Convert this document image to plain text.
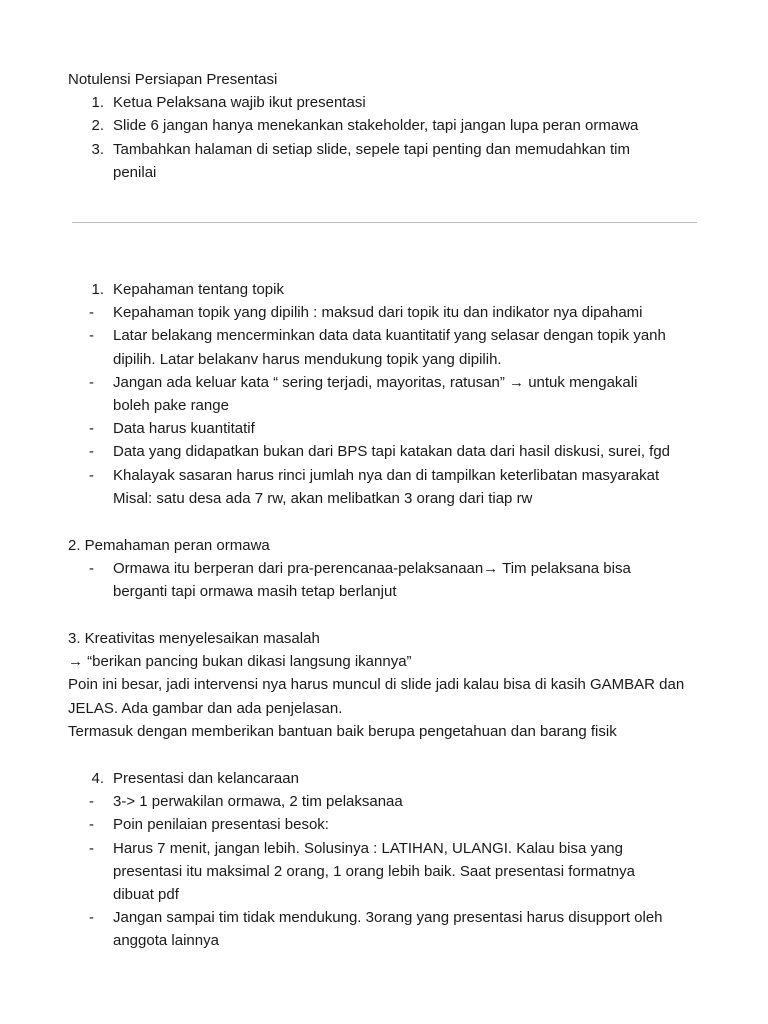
Notulensi Persiapan Presentasi
1. Ketua Pelaksana wajib ikut presentasi
2. Slide 6 jangan hanya menekankan stakeholder, tapi jangan lupa peran ormawa
3. Tambahkan halaman di setiap slide, sepele tapi penting dan memudahkan tim penilai
1. Kepahaman tentang topik
-	Kepahaman topik yang dipilih : maksud dari topik itu dan indikator nya dipahami
-	Latar belakang mencerminkan data data kuantitatif yang selasar dengan topik yanh dipilih. Latar belakanv harus mendukung topik yang dipilih.
-	Jangan ada keluar kata “ sering terjadi, mayoritas, ratusan” → untuk mengakali boleh pake range
-	Data harus kuantitatif
-	Data yang didapatkan bukan dari BPS tapi katakan data dari hasil diskusi, surei, fgd
-	Khalayak sasaran harus rinci jumlah nya dan di tampilkan keterlibatan masyarakat Misal: satu desa ada 7 rw, akan melibatkan 3 orang dari tiap rw
2. Pemahaman peran ormawa
-	Ormawa itu berperan dari pra-perencanaa-pelaksanaan→ Tim pelaksana bisa berganti tapi ormawa masih tetap berlanjut
3. Kreativitas menyelesaikan masalah
→ “berikan pancing bukan dikasi langsung ikannya”
Poin ini besar, jadi intervensi nya harus muncul di slide jadi kalau bisa di kasih GAMBAR dan JELAS. Ada gambar dan ada penjelasan.
Termasuk dengan memberikan bantuan baik berupa pengetahuan dan barang fisik
4. Presentasi dan kelancaraan
-	3-> 1 perwakilan ormawa, 2 tim pelaksanaa
-	Poin penilaian presentasi besok:
-	Harus 7 menit, jangan lebih. Solusinya : LATIHAN, ULANGI. Kalau bisa yang presentasi itu maksimal 2 orang, 1 orang lebih baik. Saat presentasi formatnya dibuat pdf
-	Jangan sampai tim tidak mendukung. 3orang yang presentasi harus disupport oleh anggota lainnya
